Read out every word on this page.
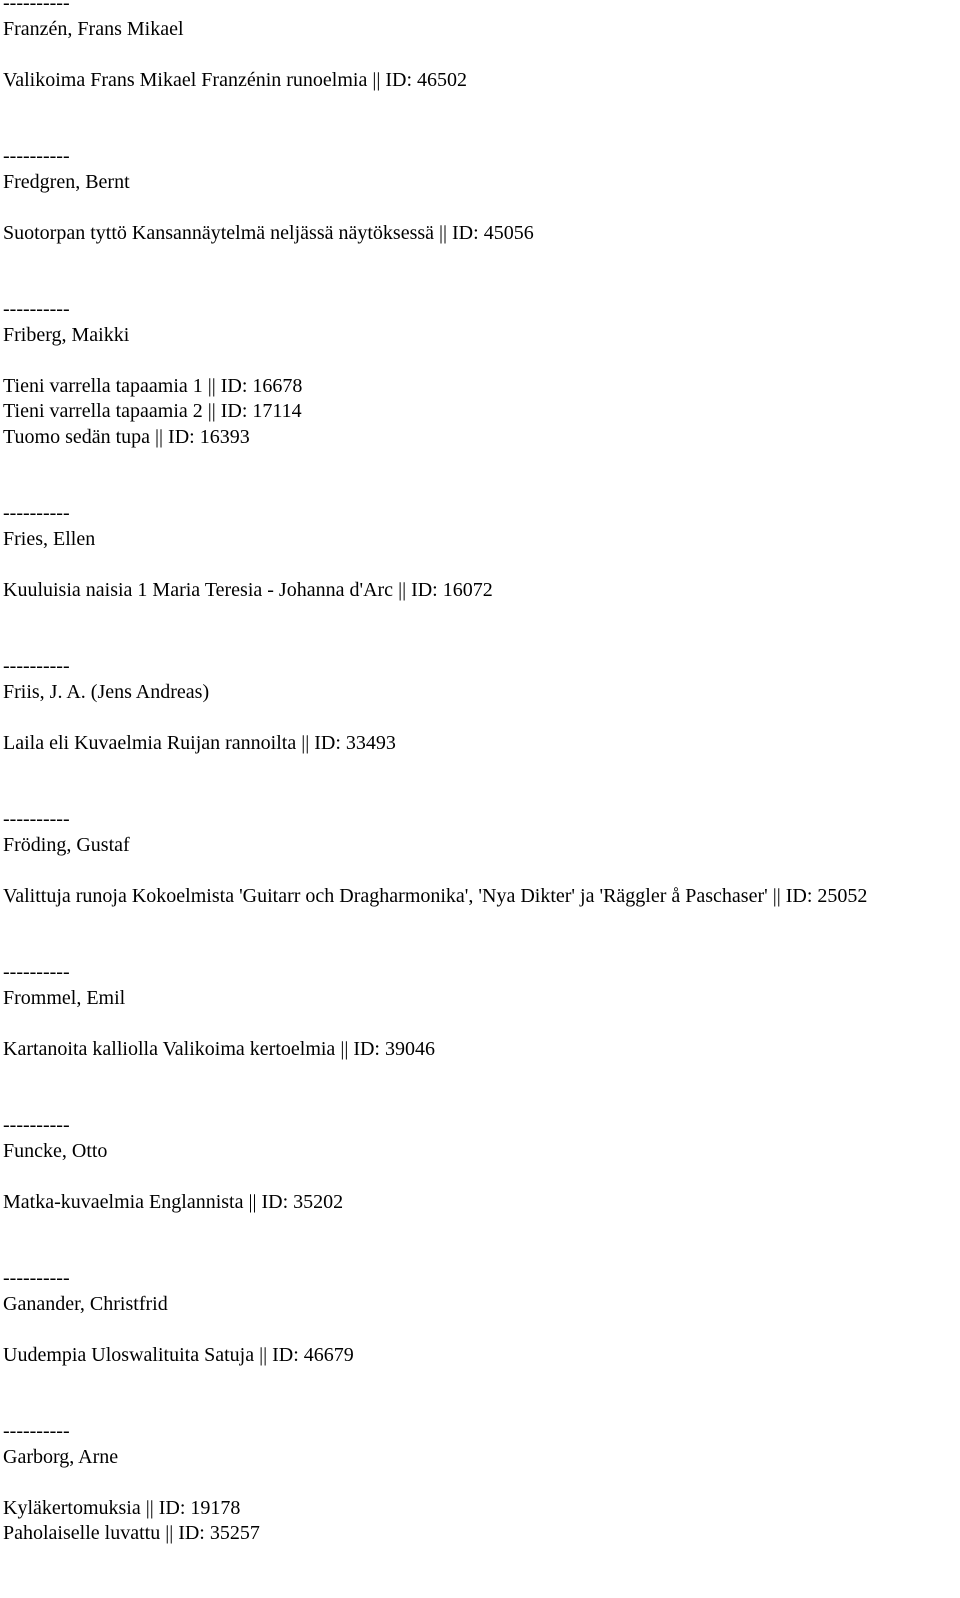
----------
Franzén, Frans Mikael
Valikoima Frans Mikael Franzénin runoelmia || ID: 46502
----------
Fredgren, Bernt
Suotorpan tyttö Kansannäytelmä neljässä näytöksessä || ID: 45056
----------
Friberg, Maikki
Tieni varrella tapaamia 1 || ID: 16678
Tieni varrella tapaamia 2 || ID: 17114
Tuomo sedän tupa || ID: 16393
----------
Fries, Ellen
Kuuluisia naisia 1 Maria Teresia - Johanna d'Arc || ID: 16072
----------
Friis, J. A. (Jens Andreas)
Laila eli Kuvaelmia Ruijan rannoilta || ID: 33493
----------
Fröding, Gustaf
Valittuja runoja Kokoelmista 'Guitarr och Dragharmonika', 'Nya Dikter' ja 'Räggler å Paschaser' || ID: 25052
----------
Frommel, Emil
Kartanoita kalliolla Valikoima kertoelmia || ID: 39046
----------
Funcke, Otto
Matka-kuvaelmia Englannista || ID: 35202
----------
Ganander, Christfrid
Uudempia Uloswalituita Satuja || ID: 46679
----------
Garborg, Arne
Kyläkertomuksia || ID: 19178
Paholaiselle luvattu || ID: 35257
